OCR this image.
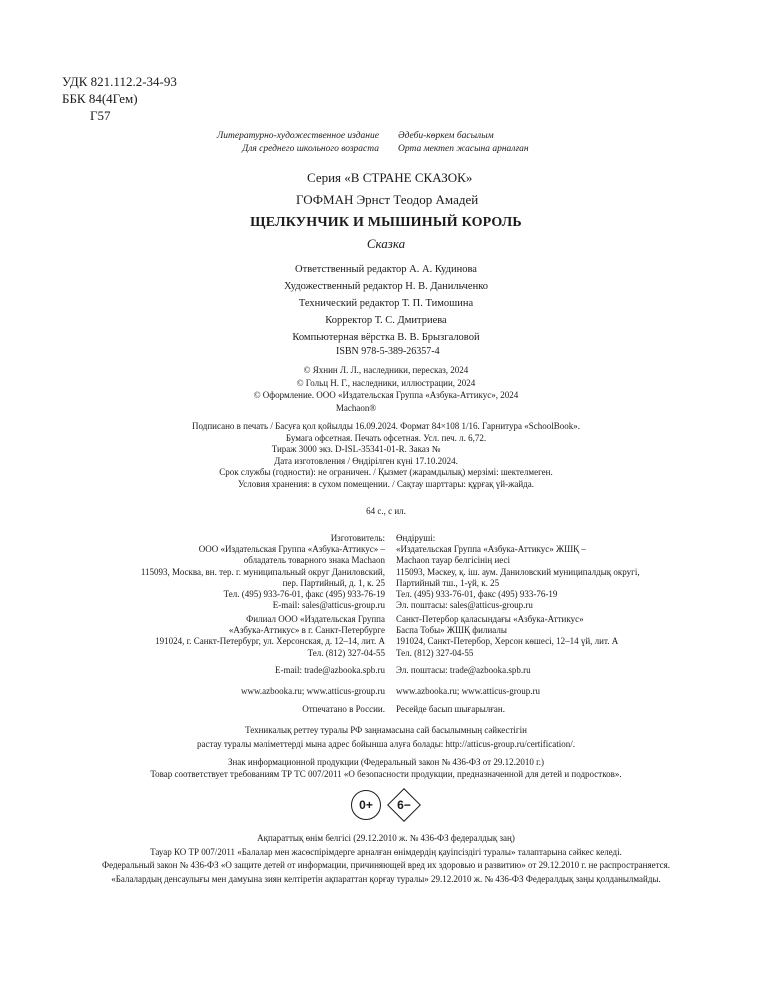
УДК 821.112.2-34-93
ББК 84(4Гем)
Г57
Литературно-художественное издание
Для среднего школьного возраста
Әдеби-көркем басылым
Орта мектеп жасына арналған
Серия «В СТРАНЕ СКАЗОК»
ГОФМАН Эрнст Теодор Амадей
ЩЕЛКУНЧИК И МЫШИНЫЙ КОРОЛЬ
Сказка
Ответственный редактор А. А. Кудинова
Художественный редактор Н. В. Данильченко
Технический редактор Т. П. Тимошина
Корректор Т. С. Дмитриева
Компьютерная вёрстка В. В. Брызгаловой
ISBN 978-5-389-26357-4
© Яхнин Л. Л., наследники, пересказ, 2024
© Гольц Н. Г., наследники, иллюстрации, 2024
© Оформление. ООО «Издательская Группа «Азбука-Аттикус», 2024
Machaon®
Подписано в печать / Басуға қол қойылды 16.09.2024. Формат 84×108 1/16. Гарнитура «SchoolBook».
Бумага офсетная. Печать офсетная. Усл. печ. л. 6,72.
Тираж 3000 экз. D-ISL-35341-01-R. Заказ №
Дата изготовления / Өндірілген күні 17.10.2024.
Срок службы (годности): не ограничен. / Қызмет (жарамдылық) мерзімі: шектелмеген.
Условия хранения: в сухом помещении. / Сақтау шарттары: құрғақ үй-жайда.
64 с., с ил.
Изготовитель:
ООО «Издательская Группа «Азбука-Аттикус» –
обладатель товарного знака Machaon
115093, Москва, вн. тер. г. муниципальный округ Даниловский,
пер. Партийный, д. 1, к. 25
Тел. (495) 933-76-01, факс (495) 933-76-19
E-mail: sales@atticus-group.ru
Өндіруші:
«Издательская Группа «Азбука-Аттикус» ЖШҚ –
Machaon тауар белгісінің иесі
115093, Мәскеу, қ. іш. аум. Даниловский муниципалдық округі,
Партийный тш., 1-үй, к. 25
Тел. (495) 933-76-01, факс (495) 933-76-19
Эл. поштасы: sales@atticus-group.ru
Филиал ООО «Издательская Группа
«Азбука-Аттикус» в г. Санкт-Петербурге
191024, г. Санкт-Петербург, ул. Херсонская, д. 12–14, лит. А
Тел. (812) 327-04-55
E-mail: trade@azbooka.spb.ru
Санкт-Петербор қаласындағы «Азбука-Аттикус»
Баспа Тобы» ЖШҚ филиалы
191024, Санкт-Петербор, Херсон көшесі, 12–14 үй, лит. А
Тел. (812) 327-04-55
Эл. поштасы: trade@azbooka.spb.ru
www.azbooka.ru; www.atticus-group.ru www.azbooka.ru; www.atticus-group.ru
Отпечатано в России. Ресейде басып шығарылған.
Техникалық реттеу туралы РФ заңнамасына сай басылымның сәйкестігін
растау туралы мәліметтерді мына адрес бойынша алуға болады: http://atticus-group.ru/certification/.
Знак информационной продукции (Федеральный закон № 436-ФЗ от 29.12.2010 г.)
Товар соответствует требованиям ТР ТС 007/2011 «О безопасности продукции, предназначенной для детей и подростков».
0+ 6−
Ақпараттық өнім белгісі (29.12.2010 ж. № 436-ФЗ федералдық заң)
Тауар КО ТР 007/2011 «Балалар мен жасөспірімдерге арналған өнімдердің қауіпсіздігі туралы» талаптарына сәйкес келеді.
Федеральный закон № 436-ФЗ «О защите детей от информации, причиняющей вред их здоровью и развитию» от 29.12.2010 г. не распространяется.
«Балалардың денсаулығы мен дамуына зиян келтіретін ақпараттан қорғау туралы» 29.12.2010 ж. № 436-ФЗ Федералдық заңы қолданылмайды.
